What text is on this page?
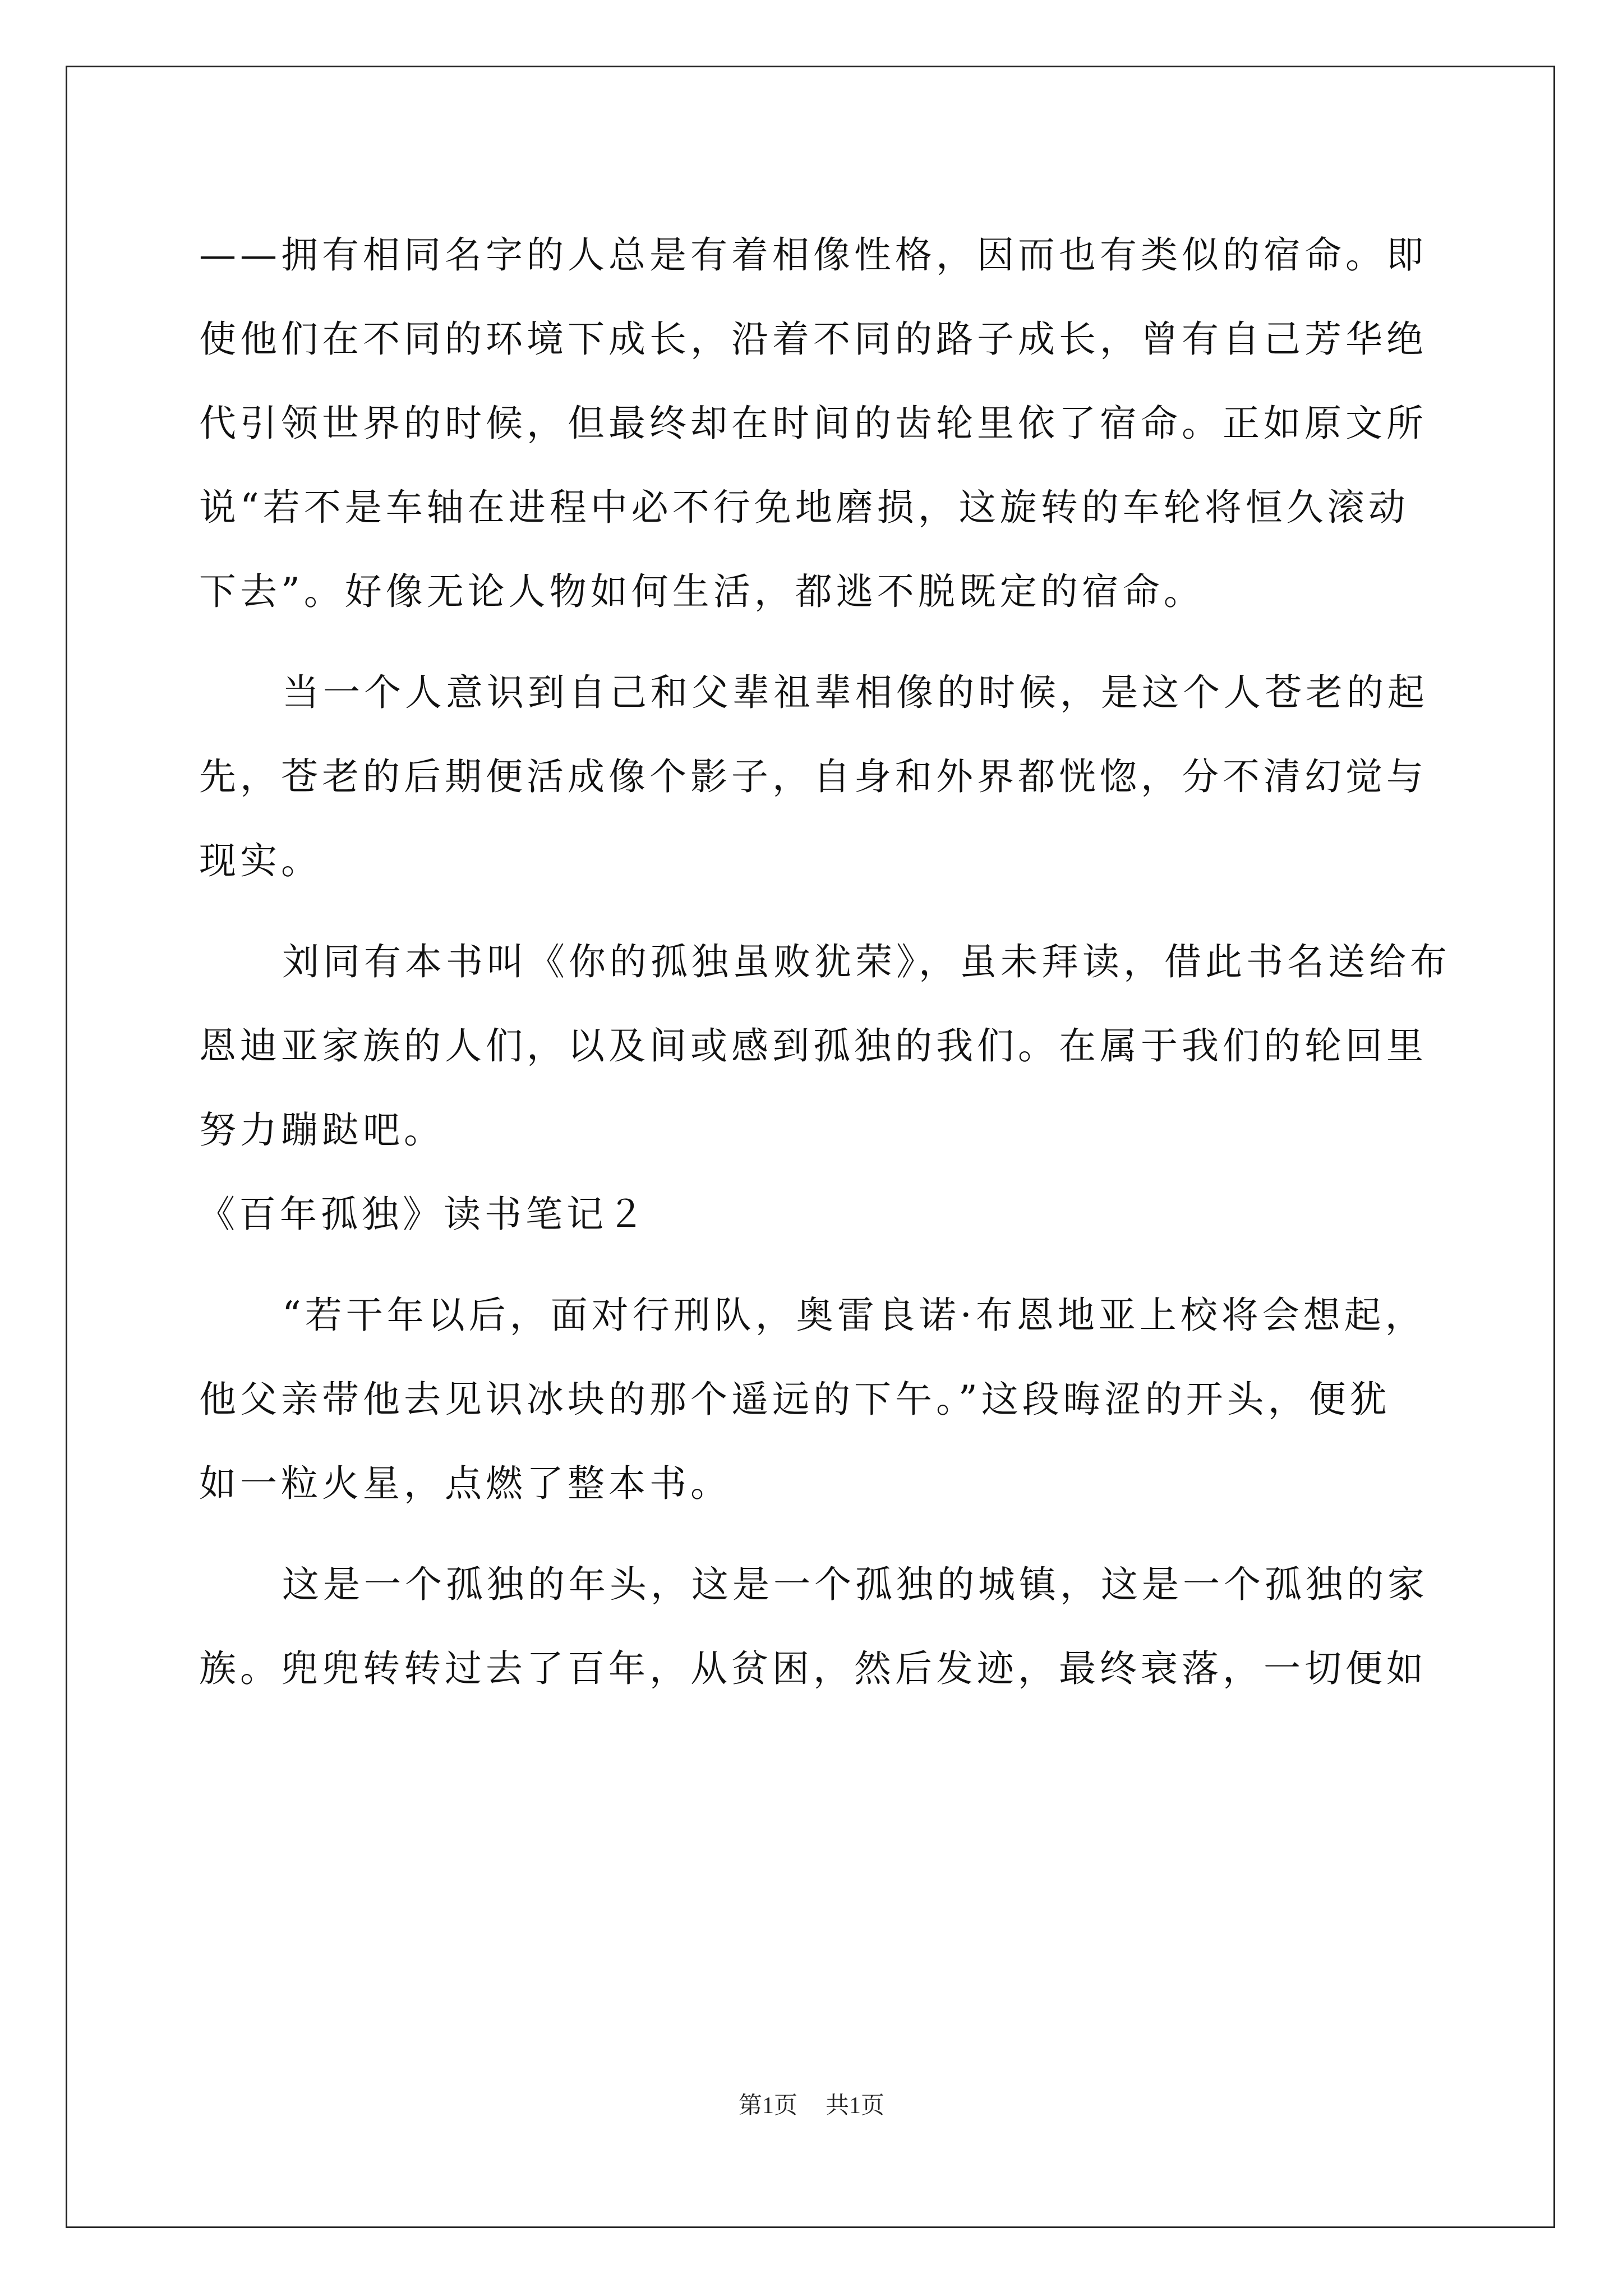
——拥有相同名字的人总是有着相像性格，因而也有类似的宿命。即
使他们在不同的环境下成长，沿着不同的路子成长，曾有自己芳华绝
代引领世界的时候，但最终却在时间的齿轮里依了宿命。正如原文所
说“若不是车轴在进程中必不行免地磨损，这旋转的车轮将恒久滚动
下去”。好像无论人物如何生活，都逃不脱既定的宿命。
当一个人意识到自己和父辈祖辈相像的时候，是这个人苍老的起
先，苍老的后期便活成像个影子，自身和外界都恍惚，分不清幻觉与
现实。
刘同有本书叫《你的孤独虽败犹荣》，虽未拜读，借此书名送给布
恩迪亚家族的人们，以及间或感到孤独的我们。在属于我们的轮回里
努力蹦跶吧。
《百年孤独》读书笔记２
“若干年以后，面对行刑队，奥雷良诺·布恩地亚上校将会想起，
他父亲带他去见识冰块的那个遥远的下午。”这段晦涩的开头，便犹
如一粒火星，点燃了整本书。
这是一个孤独的年头，这是一个孤独的城镇，这是一个孤独的家
族。兜兜转转过去了百年，从贫困，然后发迹，最终衰落，一切便如
第1页 共1页
